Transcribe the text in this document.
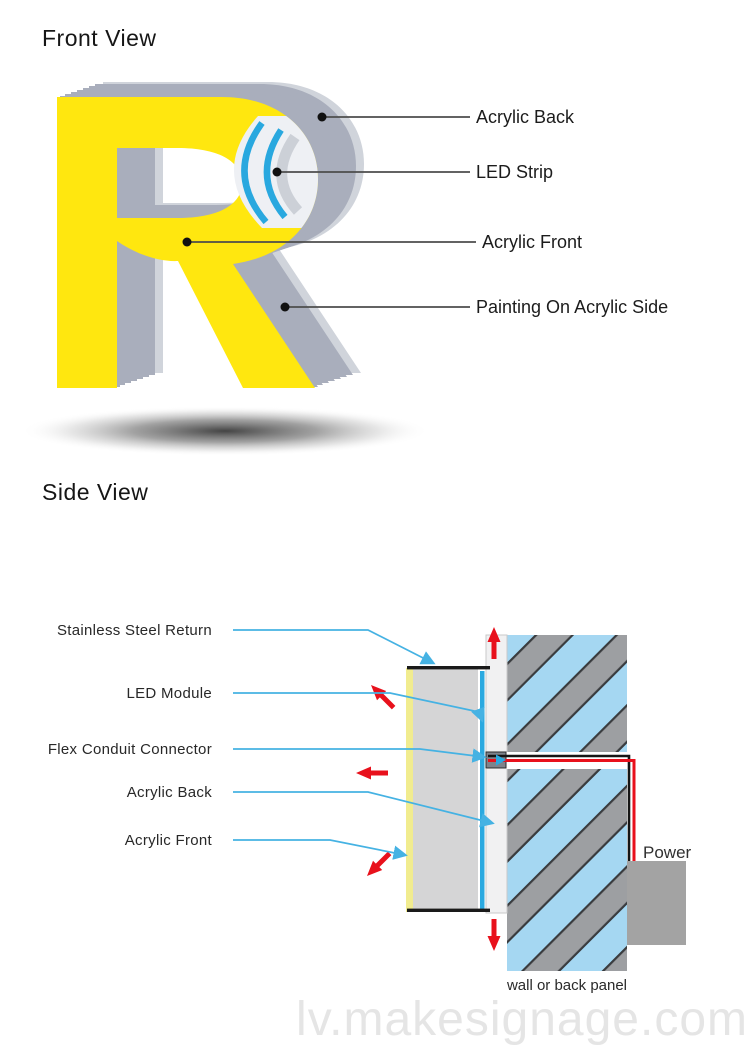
Front View
Acrylic Back
LED Strip
Acrylic Front
Painting On Acrylic Side
Side View
Stainless Steel Return
LED Module
Flex Conduit Connector
Acrylic Back
Acrylic Front
Power
wall or back panel
lv.makesignage.com
